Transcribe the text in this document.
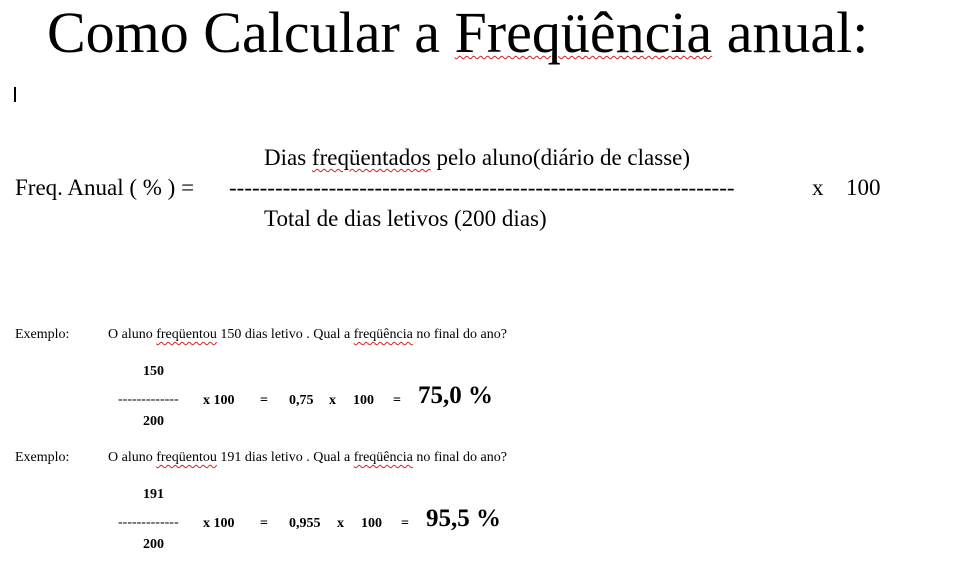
Como Calcular a Freqüência anual:
Dias freqüentados pelo aluno(diário de classe)
Freq. Anual ( % ) = ------------------------------------------------------------------	x 100
Total de dias letivos (200 dias)
Exemplo:	O aluno freqüentou 150 dias letivo . Qual a freqüência no final do ano?
150
------------- x 100 = 0,75 x 100 = 75,0 %
200
Exemplo:	O aluno freqüentou 191 dias letivo . Qual a freqüência no final do ano?
191
------------- x 100 = 0,955 x 100 = 95,5 %
200
